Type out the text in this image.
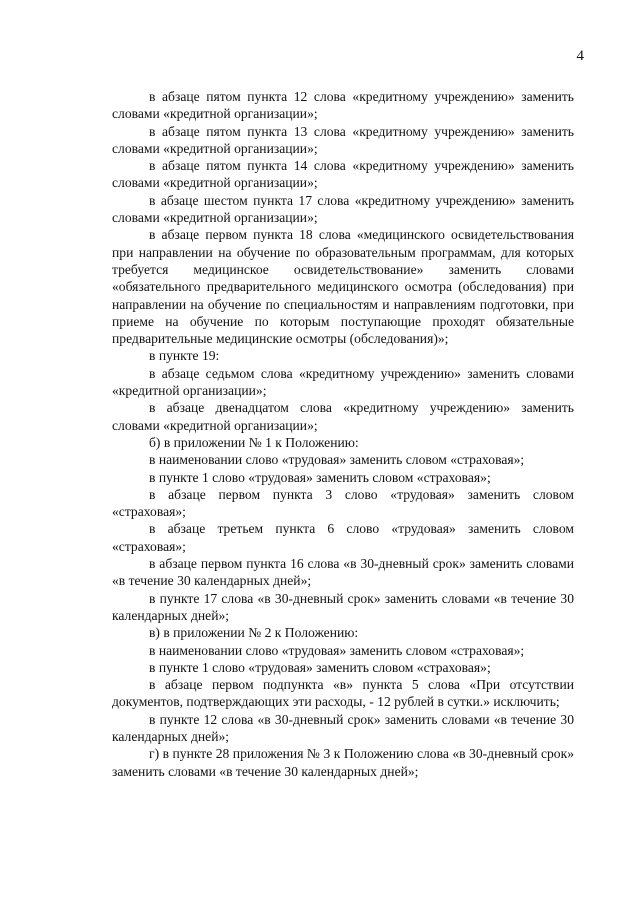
4

в абзаце пятом пункта 12 слова «кредитному учреждению» заменить словами «кредитной организации»;

в абзаце пятом пункта 13 слова «кредитному учреждению» заменить словами «кредитной организации»;

в абзаце пятом пункта 14 слова «кредитному учреждению» заменить словами «кредитной организации»;

в абзаце шестом пункта 17 слова «кредитному учреждению» заменить словами «кредитной организации»;

в абзаце первом пункта 18 слова «медицинского освидетельствования при направлении на обучение по образовательным программам, для которых требуется медицинское освидетельствование» заменить словами «обязательного предварительного медицинского осмотра (обследования) при направлении на обучение по специальностям и направлениям подготовки, при приеме на обучение по которым поступающие проходят обязательные предварительные медицинские осмотры (обследования)»;

в пункте 19:

в абзаце седьмом слова «кредитному учреждению» заменить словами «кредитной организации»;

в абзаце двенадцатом слова «кредитному учреждению» заменить словами «кредитной организации»;

б) в приложении № 1 к Положению:

в наименовании слово «трудовая» заменить словом «страховая»;

в пункте 1 слово «трудовая» заменить словом «страховая»;

в абзаце первом пункта 3 слово «трудовая» заменить словом «страховая»;

в абзаце третьем пункта 6 слово «трудовая» заменить словом «страховая»;

в абзаце первом пункта 16 слова «в 30-дневный срок» заменить словами «в течение 30 календарных дней»;

в пункте 17 слова «в 30-дневный срок» заменить словами «в течение 30 календарных дней»;

в) в приложении № 2 к Положению:

в наименовании слово «трудовая» заменить словом «страховая»;

в пункте 1 слово «трудовая» заменить словом «страховая»;

в абзаце первом подпункта «в» пункта 5 слова «При отсутствии документов, подтверждающих эти расходы, - 12 рублей в сутки.» исключить;

в пункте 12 слова «в 30-дневный срок» заменить словами «в течение 30 календарных дней»;

г) в пункте 28 приложения № 3 к Положению слова «в 30-дневный срок» заменить словами «в течение 30 календарных дней»;
